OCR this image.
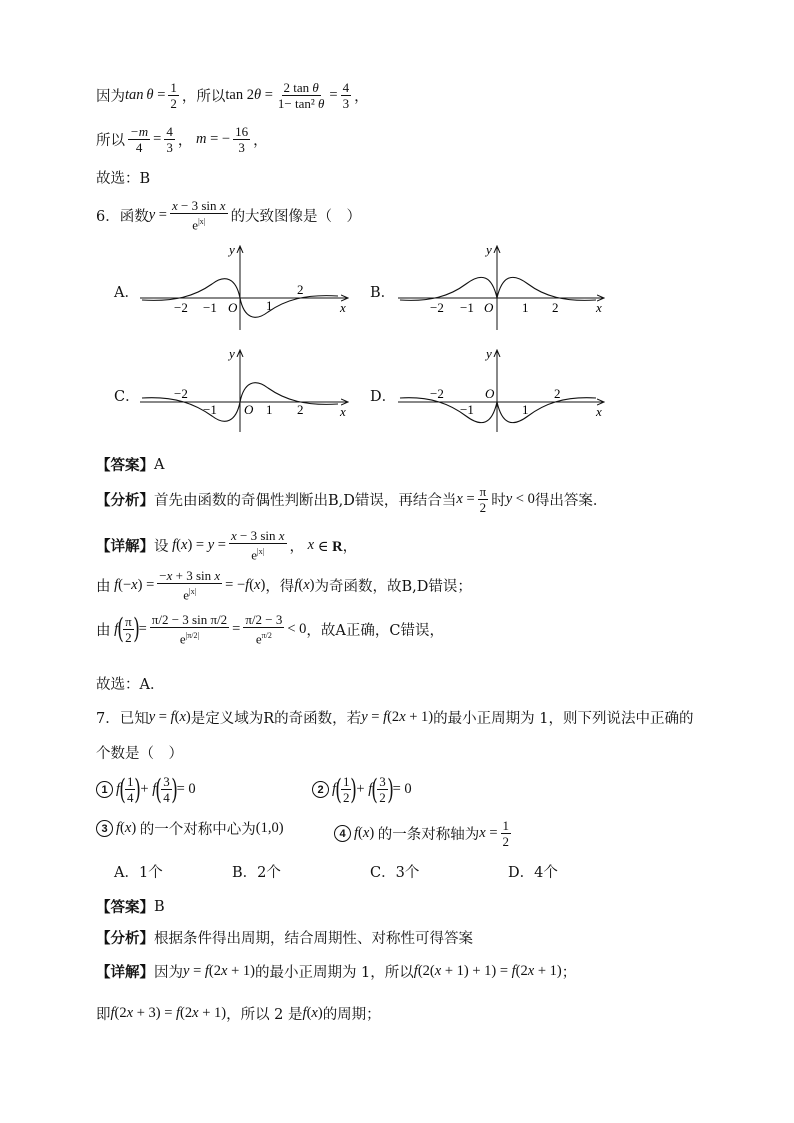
因为 $\tan \theta = \frac{1}{2}$ ，所以 $\tan 2\theta = \frac{\text{2 tan θ}}{\text{1− tan² θ}} = \frac{4}{3}$ ，
所以 $\frac{-m}{4} = \frac{4}{3}$ ， m = − $\frac{16}{3}$ ，
故选：B
6．函数 $y = \frac{\text{x − 3 sin x}}{e^{|x|}}$ 的大致图像是（　）
A．	B．
C．	D．
−2 −1 O 1
2
x
y
−2 −1 O 1 2	x
y
−2
−1 O 1 2	x
y
−2
−1
O
1
2
x
y
【答案】 A
【分析】 首先由函数的奇偶性判断出B,D错误，再结合当 $x = \frac{\pi}{2}$ 时 y < 0 得出答案．
【详解】 设 f $(x) = y = \frac{\text{x − 3 sin x}}{e^{|x|}}$ ， x ∈ R，
由 f $(-x) = \frac{\text{−x + 3 sin x}}{e^{|x|}} = -f(x)$ ，得 f (x) 为奇函数，故B,D错误；
由 f ( $\frac{\pi}{2}$ ) = $\frac{\text{π/2 − 3 sin π/2}}{e^{|\pi/2|}} = \frac{\pi/2 - 3}{e^{\pi/2}} < 0$ ，故A正确，C错误，
故选：A．
7．已知 y = f(x) 是定义域为R的奇函数，若 y = f(2x + 1) 的最小正周期为 1，则下列说法中正确的
个数是（　）
1 f ( $\frac{1}{4}$ ) + f ( $\frac{3}{4}$ ) = 0	2 f ( $\frac{1}{2}$ ) + f ( $\frac{3}{2}$ ) = 0
3 f (x) 的一个对称中心为 (1,0)	4 f (x) 的一条对称轴为 $x = \frac{1}{2}$
A．1个	B．2个	C．3个	D．4个
【答案】 B
【分析】 根据条件得出周期，结合周期性、对称性可得答案
【详解】 因为 y = f(2x + 1) 的最小正周期为 1，所以 f (2(x + 1) + 1) = f(2x + 1) ；
即 f (2x + 3) = f(2x + 1) ，所以 2 是 f (x) 的周期；
